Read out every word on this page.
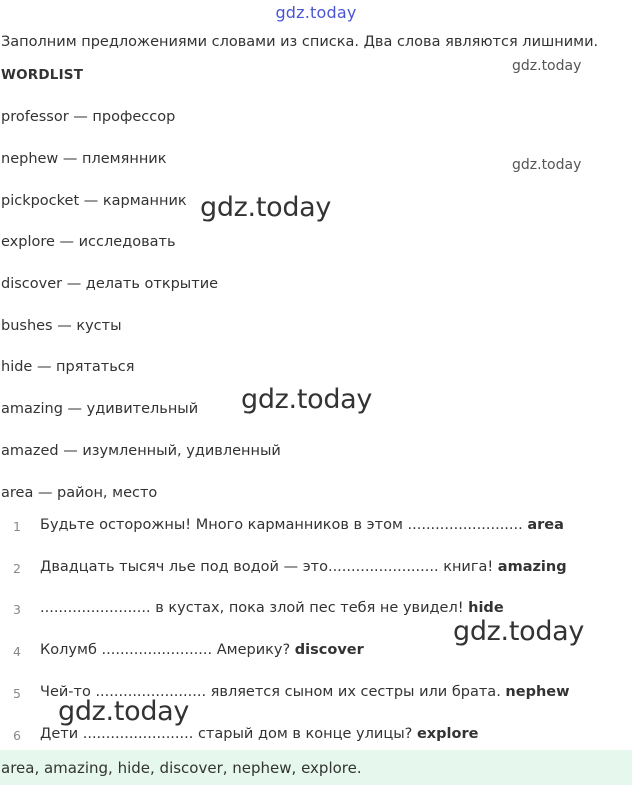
gdz.today
Заполним предложениями словами из списка. Два слова являются лишними.
WORDLIST
professor — профессор
nephew — племянник
pickpocket — карманник
explore — исследовать
discover — делать открытие
bushes — кусты
hide — прятаться
amazing — удивительный
amazed — изумленный, удивленный
area — район, место
1	Будьте осторожны! Много карманников в этом ......................... area
2	Двадцать тысяч лье под водой — это........................ книга! amazing
3	........................ в кустах, пока злой пес тебя не увидел! hide
4	Колумб ........................ Америку? discover
5	Чей-то ........................ является сыном их сестры или брата. nephew
6	Дети ........................ старый дом в конце улицы? explore
area, amazing, hide, discover, nephew, explore.
gdz.today
gdz.today
gdz.today
gdz.today
gdz.today
gdz.today
